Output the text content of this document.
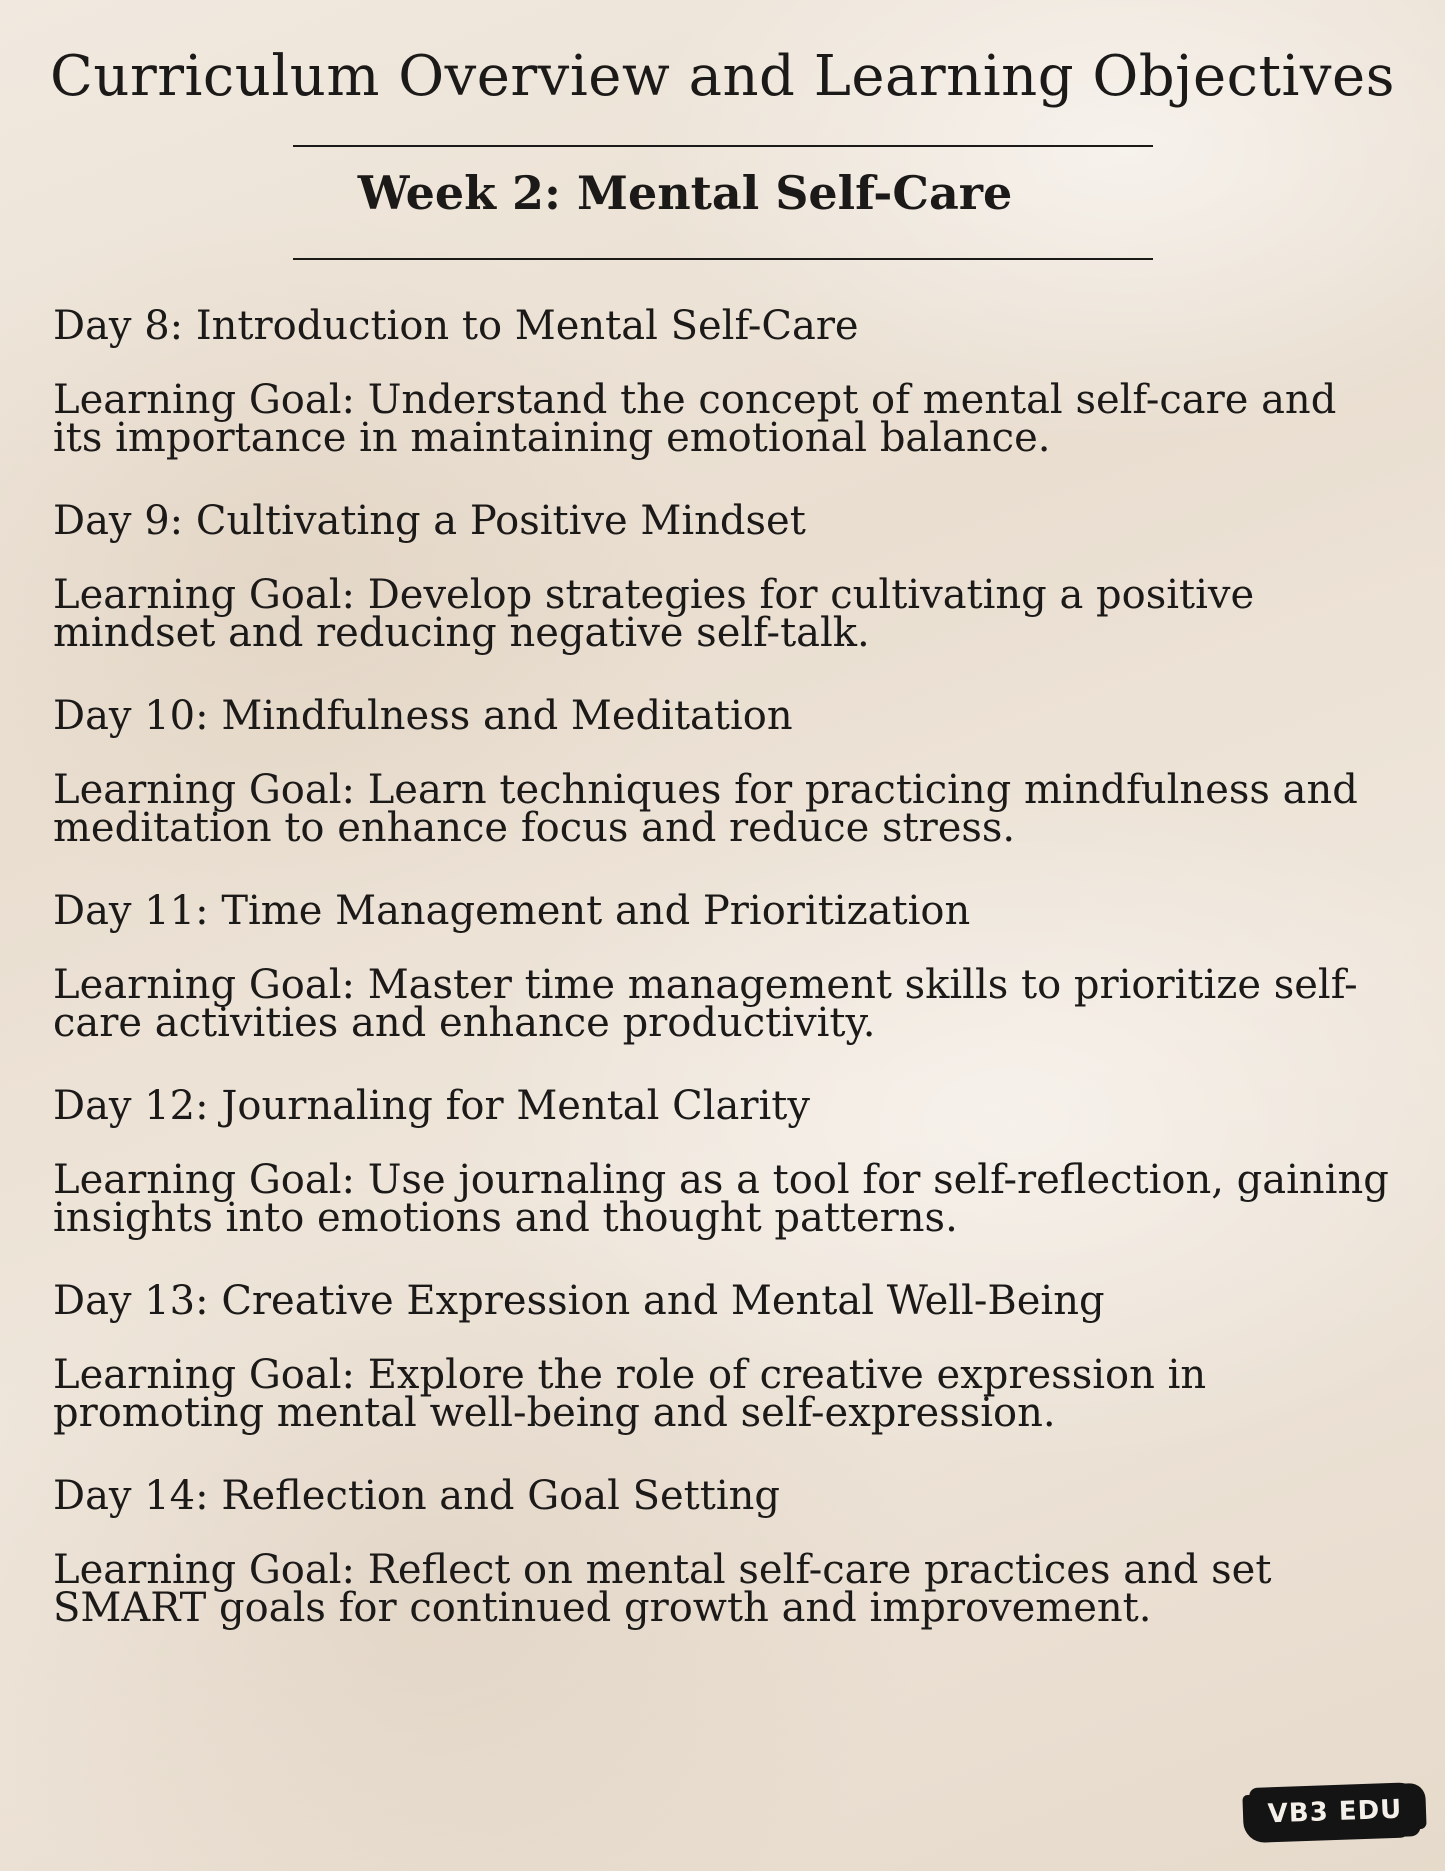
Curriculum Overview and Learning Objectives
Week 2: Mental Self-Care
Day 8: Introduction to Mental Self-Care
Learning Goal: Understand the concept of mental self-care and its importance in maintaining emotional balance.
Day 9: Cultivating a Positive Mindset
Learning Goal: Develop strategies for cultivating a positive mindset and reducing negative self-talk.
Day 10: Mindfulness and Meditation
Learning Goal: Learn techniques for practicing mindfulness and meditation to enhance focus and reduce stress.
Day 11: Time Management and Prioritization
Learning Goal: Master time management skills to prioritize self-care activities and enhance productivity.
Day 12: Journaling for Mental Clarity
Learning Goal: Use journaling as a tool for self-reflection, gaining insights into emotions and thought patterns.
Day 13: Creative Expression and Mental Well-Being
Learning Goal: Explore the role of creative expression in promoting mental well-being and self-expression.
Day 14: Reflection and Goal Setting
Learning Goal: Reflect on mental self-care practices and set SMART goals for continued growth and improvement.
VB3 EDU
